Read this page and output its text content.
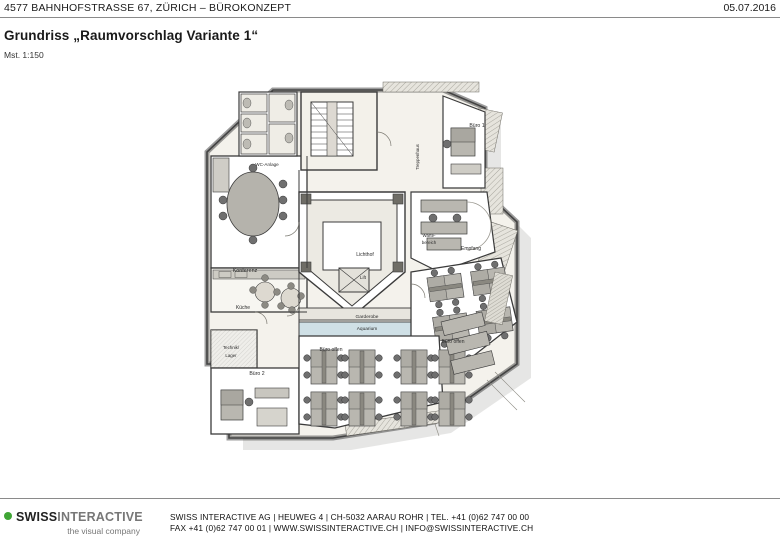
4577 BAHNHOFSTRASSE 67, ZÜRICH – BÜROKONZEPT	05.07.2016
Grundriss „Raumvorschlag Variante 1“
Mst. 1:150
Büro 1
Treppenhaus
WC-Anlage
Konferenz
Küche
Lichthof
Lift
Warte-
bereich
Empfang
Garderobe
Aquarium
Technik/
Lager
Büro offen
Büro offen
Büro 2
SWISSINTERACTIVE
the visual company
SWISS INTERACTIVE AG | HEUWEG 4 | CH-5032 AARAU ROHR | TEL. +41 (0)62 747 00 00
FAX +41 (0)62 747 00 01 | WWW.SWISSINTERACTIVE.CH | INFO@SWISSINTERACTIVE.CH
